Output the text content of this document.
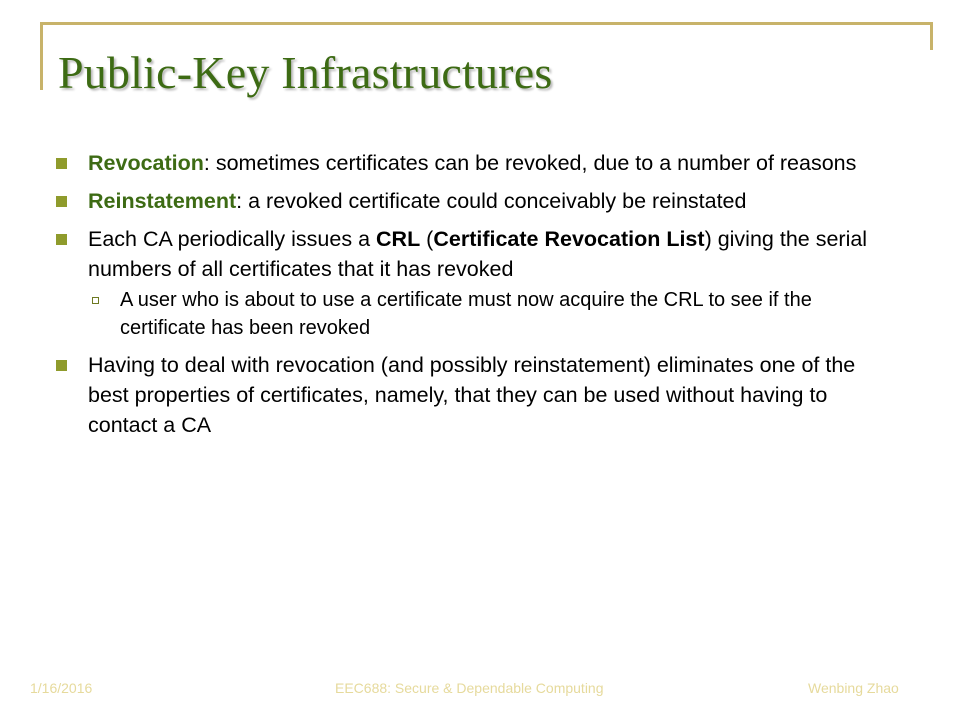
Public-Key Infrastructures
Revocation: sometimes certificates can be revoked, due to a number of reasons
Reinstatement: a revoked certificate could conceivably be reinstated
Each CA periodically issues a CRL (Certificate Revocation List) giving the serial numbers of all certificates that it has revoked
A user who is about to use a certificate must now acquire the CRL to see if the certificate has been revoked
Having to deal with revocation (and possibly reinstatement) eliminates one of the best properties of certificates, namely, that they can be used without having to contact a CA
1/16/2016	EEC688: Secure & Dependable Computing	Wenbing Zhao
